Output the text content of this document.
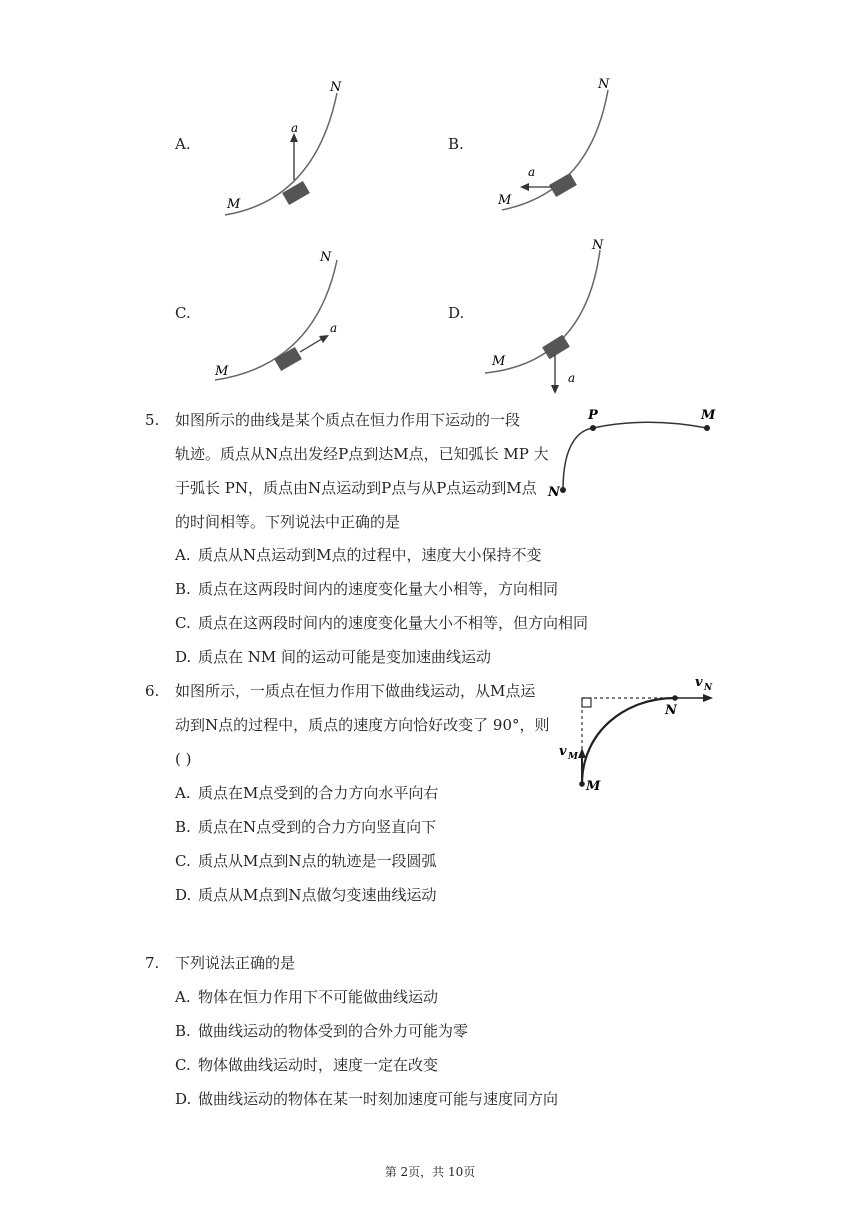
A.
a
M
N
B.
a
M
N
C.
a
M
N
D.
a
M
N
5. 如图所示的曲线是某个质点在恒力作用下运动的一段
轨迹。质点从N点出发经P点到达M点，已知弧长 MP 大
于弧长 PN，质点由N点运动到P点与从P点运动到M点
的时间相等。下列说法中正确的是
P	M
N
A. 质点从N点运动到M点的过程中，速度大小保持不变
B. 质点在这两段时间内的速度变化量大小相等，方向相同
C. 质点在这两段时间内的速度变化量大小不相等，但方向相同
D. 质点在 NM 间的运动可能是变加速曲线运动
6. 如图所示，一质点在恒力作用下做曲线运动，从M点运
动到N点的过程中，质点的速度方向恰好改变了 90°，则
( )
v N
N
v M
M
A. 质点在M点受到的合力方向水平向右
B. 质点在N点受到的合力方向竖直向下
C. 质点从M点到N点的轨迹是一段圆弧
D. 质点从M点到N点做匀变速曲线运动
7. 下列说法正确的是
A. 物体在恒力作用下不可能做曲线运动
B. 做曲线运动的物体受到的合外力可能为零
C. 物体做曲线运动时，速度一定在改变
D. 做曲线运动的物体在某一时刻加速度可能与速度同方向
第 2页，共 10页
